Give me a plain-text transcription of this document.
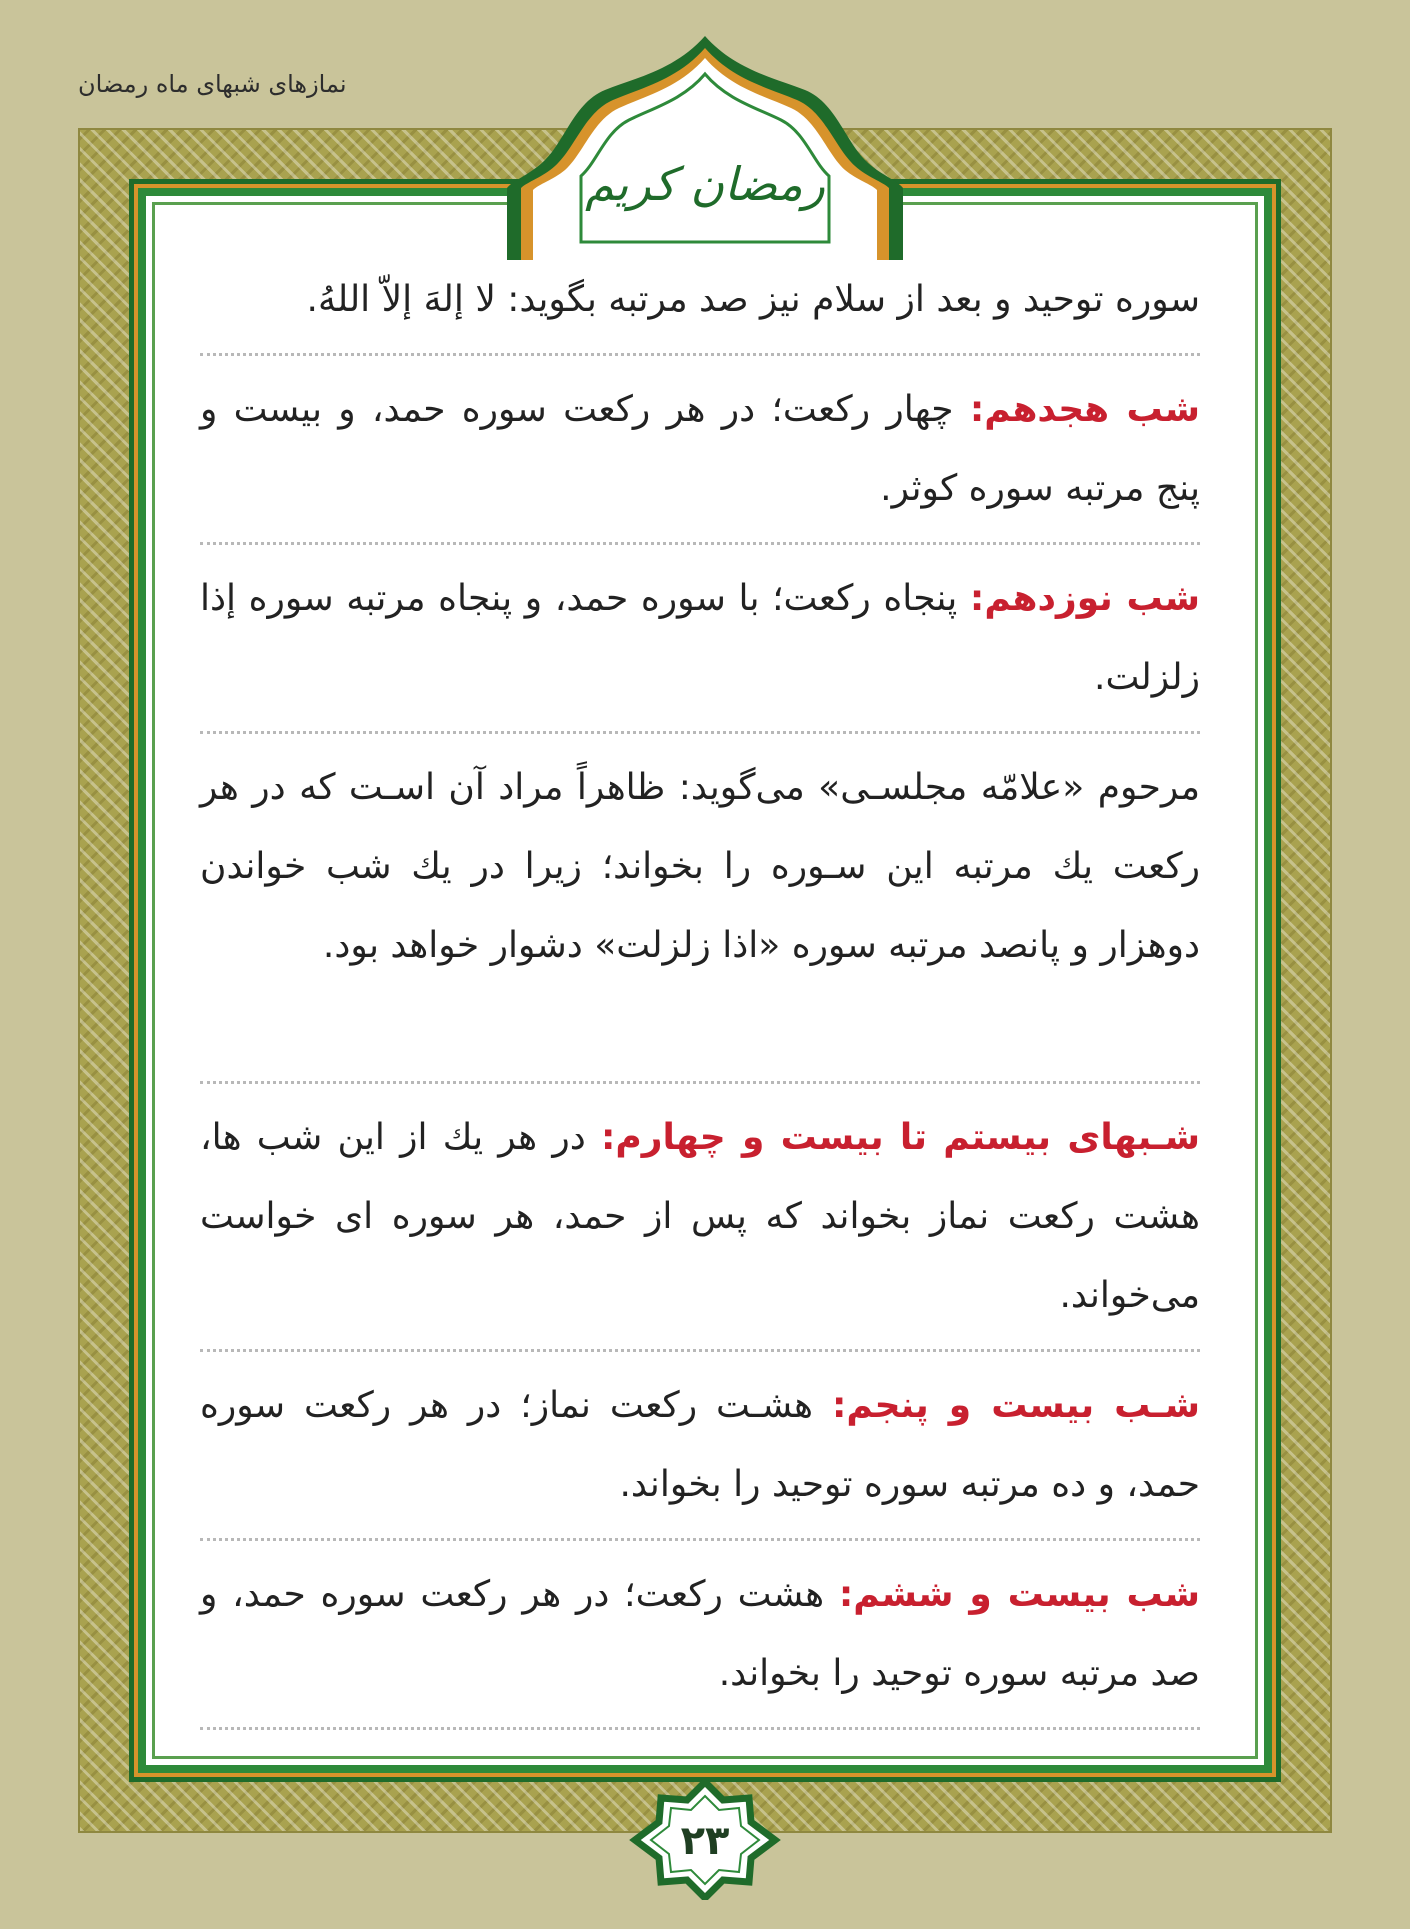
نمازهای شبهای ماه رمضان
رمضان کریم

سوره توحید و بعد از سلام نیز صد مرتبه بگوید: لا إلهَ إلاّ اللهُ.

شب هجدهم: چهار رکعت؛ در هر رکعت سوره حمد، و بیست و پنج مرتبه سوره کوثر.

شب نوزدهم: پنجاه رکعت؛ با سوره حمد، و پنجاه مرتبه سوره إذا زلزلت.

مرحوم «علامّه مجلسـی» می‌گوید: ظاهراً مراد آن اسـت که در هر رکعت یك مرتبه این سـوره را بخواند؛ زیرا در یك شب خواندن دوهزار و پانصد مرتبه سوره «اذا زلزلت» دشوار خواهد بود.

شـبهای بیستم تا بیست و چهارم: در هر یك از این شب ها، هشت رکعت نماز بخواند که پس از حمد، هر سوره ای خواست می‌خواند.

شـب بیست و پنجم: هشـت رکعت نماز؛ در هر رکعت سوره حمد، و ده مرتبه سوره توحید را بخواند.

شب بیست و ششم: هشت رکعت؛ در هر رکعت سوره حمد، و صد مرتبه سوره توحید را بخواند.

۲۳
